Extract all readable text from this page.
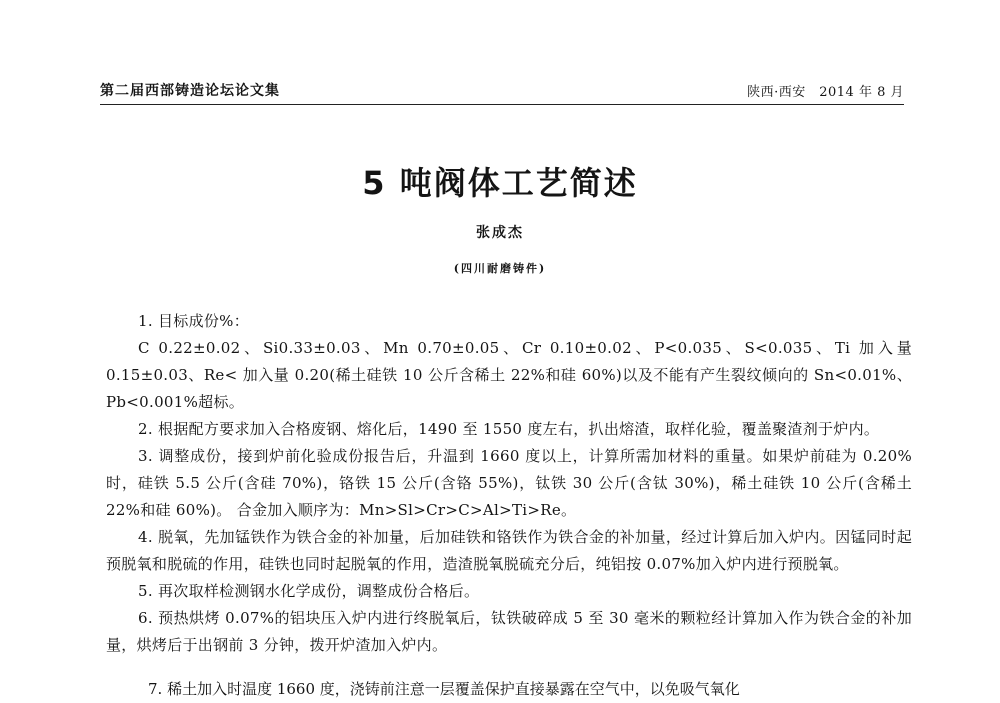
第二届西部铸造论坛论文集	陕西·西安　2014 年 8 月
5 吨阀体工艺简述
张成杰
(四川耐磨铸件)

1. 目标成份%：

C 0.22±0.02、Si0.33±0.03、Mn 0.70±0.05、Cr 0.10±0.02、P<0.035、S<0.035、Ti 加入量 0.15±0.03、Re< 加入量 0.20(稀土硅铁 10 公斤含稀土 22%和硅 60%)以及不能有产生裂纹倾向的 Sn<0.01%、Pb<0.001%超标。

2. 根据配方要求加入合格废钢、熔化后，1490 至 1550 度左右，扒出熔渣，取样化验，覆盖聚渣剂于炉内。

3. 调整成份，接到炉前化验成份报告后，升温到 1660 度以上，计算所需加材料的重量。如果炉前硅为 0.20%时，硅铁 5.5 公斤(含硅 70%)，铬铁 15 公斤(含铬 55%)，钛铁 30 公斤(含钛 30%)，稀土硅铁 10 公斤(含稀土 22%和硅 60%)。 合金加入顺序为：Mn>Sl>Cr>C>Al>Ti>Re。

4. 脱氧，先加锰铁作为铁合金的补加量，后加硅铁和铬铁作为铁合金的补加量，经过计算后加入炉内。因锰同时起预脱氧和脱硫的作用，硅铁也同时起脱氧的作用，造渣脱氧脱硫充分后，纯铝按 0.07%加入炉内进行预脱氧。

5. 再次取样检测钢水化学成份，调整成份合格后。

6. 预热烘烤 0.07%的铝块压入炉内进行终脱氧后，钛铁破碎成 5 至 30 毫米的颗粒经计算加入作为铁合金的补加量，烘烤后于出钢前 3 分钟，拨开炉渣加入炉内。

7. 稀土加入时温度 1660 度，浇铸前注意一层覆盖保护直接暴露在空气中，以免吸气氧化
